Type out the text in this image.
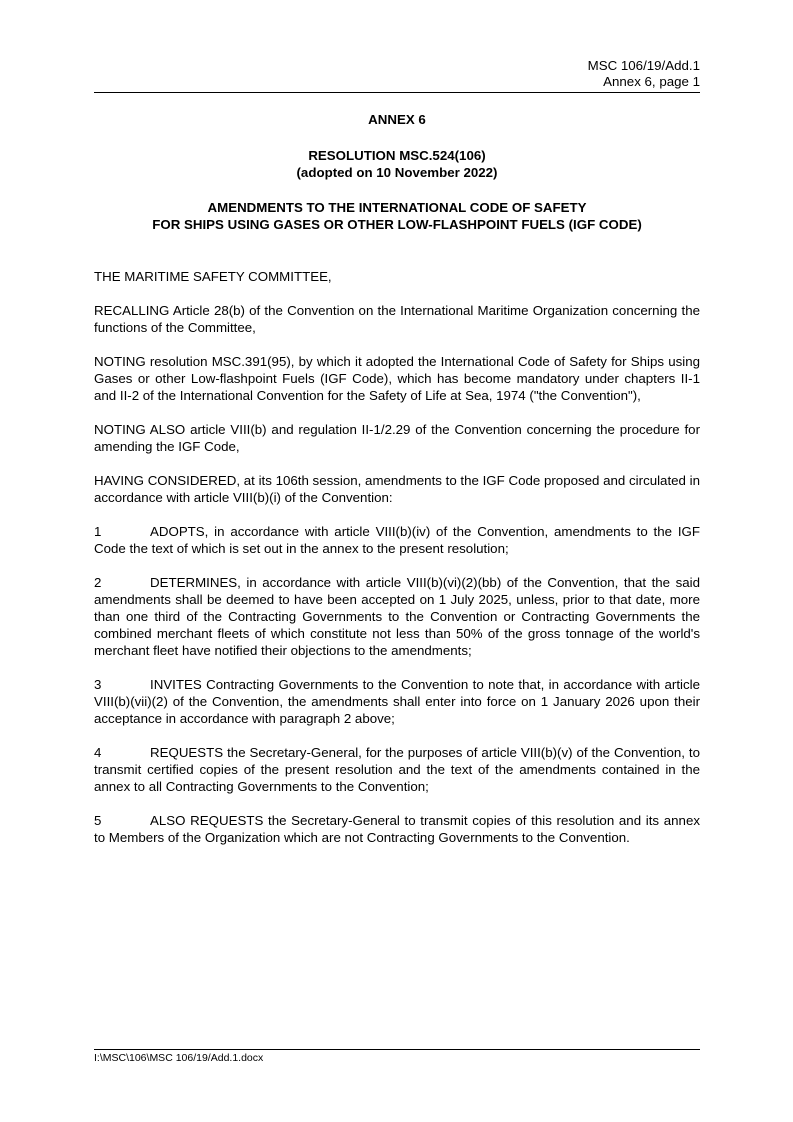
MSC 106/19/Add.1
Annex 6, page 1

ANNEX 6

RESOLUTION MSC.524(106)

(adopted on 10 November 2022)

AMENDMENTS TO THE INTERNATIONAL CODE OF SAFETY

FOR SHIPS USING GASES OR OTHER LOW-FLASHPOINT FUELS (IGF CODE)

THE MARITIME SAFETY COMMITTEE,

RECALLING Article 28(b) of the Convention on the International Maritime Organization concerning the functions of the Committee,

NOTING resolution MSC.391(95), by which it adopted the International Code of Safety for Ships using Gases or other Low-flashpoint Fuels (IGF Code), which has become mandatory under chapters II-1 and II-2 of the International Convention for the Safety of Life at Sea, 1974 ("the Convention"),

NOTING ALSO article VIII(b) and regulation II-1/2.29 of the Convention concerning the procedure for amending the IGF Code,

HAVING CONSIDERED, at its 106th session, amendments to the IGF Code proposed and circulated in accordance with article VIII(b)(i) of the Convention:

1	ADOPTS, in accordance with article VIII(b)(iv) of the Convention, amendments to the IGF Code the text of which is set out in the annex to the present resolution;

2	DETERMINES, in accordance with article VIII(b)(vi)(2)(bb) of the Convention, that the said amendments shall be deemed to have been accepted on 1 July 2025, unless, prior to that date, more than one third of the Contracting Governments to the Convention or Contracting Governments the combined merchant fleets of which constitute not less than 50% of the gross tonnage of the world's merchant fleet have notified their objections to the amendments;

3	INVITES Contracting Governments to the Convention to note that, in accordance with article VIII(b)(vii)(2) of the Convention, the amendments shall enter into force on 1 January 2026 upon their acceptance in accordance with paragraph 2 above;

4	REQUESTS the Secretary-General, for the purposes of article VIII(b)(v) of the Convention, to transmit certified copies of the present resolution and the text of the amendments contained in the annex to all Contracting Governments to the Convention;

5	ALSO REQUESTS the Secretary-General to transmit copies of this resolution and its annex to Members of the Organization which are not Contracting Governments to the Convention.

I:\MSC\106\MSC 106/19/Add.1.docx
